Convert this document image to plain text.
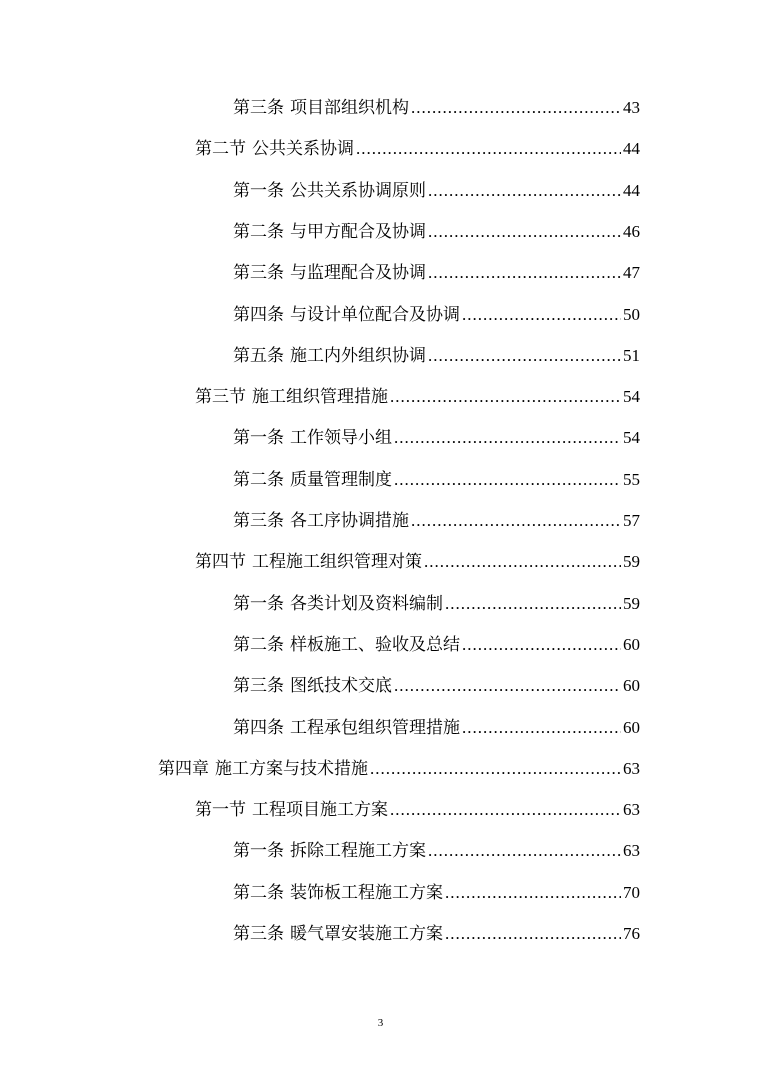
第三条 项目部组织机构 .....	43
第二节 公共关系协调 .....	44
第一条 公共关系协调原则 .....	44
第二条 与甲方配合及协调 .....	46
第三条 与监理配合及协调 .....	47
第四条 与设计单位配合及协调 .....	50
第五条 施工内外组织协调 .....	51
第三节 施工组织管理措施 .....	54
第一条 工作领导小组 .....	54
第二条 质量管理制度 .....	55
第三条 各工序协调措施 .....	57
第四节 工程施工组织管理对策 .....	59
第一条 各类计划及资料编制 .....	59
第二条 样板施工、验收及总结 .....	60
第三条 图纸技术交底 .....	60
第四条 工程承包组织管理措施 .....	60
第四章 施工方案与技术措施 .....	63
第一节 工程项目施工方案 .....	63
第一条 拆除工程施工方案 .....	63
第二条 装饰板工程施工方案 .....	70
第三条 暖气罩安装施工方案 .....	76
3
